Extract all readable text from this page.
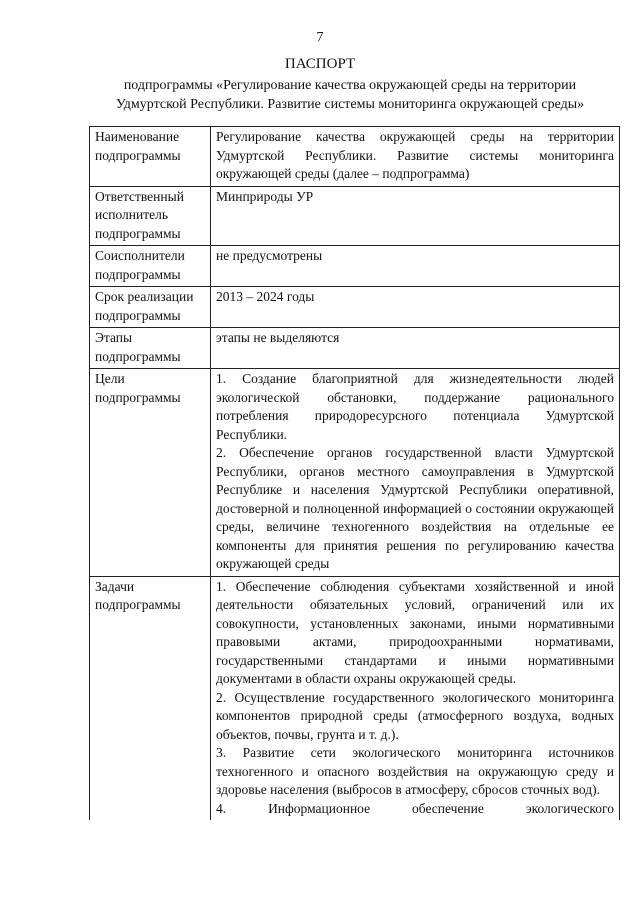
7
ПАСПОРТ
подпрограммы «Регулирование качества окружающей среды на территории
Удмуртской Республики. Развитие системы мониторинга окружающей среды»
Наименование
подпрограммы	Регулирование качества окружающей среды на территории Удмуртской Республики. Развитие системы мониторинга окружающей среды (далее – подпрограмма)

Ответственный
исполнитель
подпрограммы	Минприроды УР

Соисполнители
подпрограммы	не предусмотрены

Срок реализации
подпрограммы	2013 – 2024 годы

Этапы
подпрограммы	этапы не выделяются

Цели
подпрограммы	1. Создание благоприятной для жизнедеятельности людей экологической обстановки, поддержание рационального потребления природоресурсного потенциала Удмуртской Республики.
2. Обеспечение органов государственной власти Удмуртской Республики, органов местного самоуправления в Удмуртской Республике и населения Удмуртской Республики оперативной, достоверной и полноценной информацией о состоянии окружающей среды, величине техногенного воздействия на отдельные ее компоненты для принятия решения по регулированию качества окружающей среды

Задачи
подпрограммы	1. Обеспечение соблюдения субъектами хозяйственной и иной деятельности обязательных условий, ограничений или их совокупности, установленных законами, иными нормативными правовыми актами, природоохранными нормативами, государственными стандартами и иными нормативными документами в области охраны окружающей среды.
2. Осуществление государственного экологического мониторинга компонентов природной среды (атмосферного воздуха, водных объектов, почвы, грунта и т. д.).
3. Развитие сети экологического мониторинга источников техногенного и опасного воздействия на окружающую среду и здоровье населения (выбросов в атмосферу, сбросов сточных вод).
4. Информационное обеспечение экологического
